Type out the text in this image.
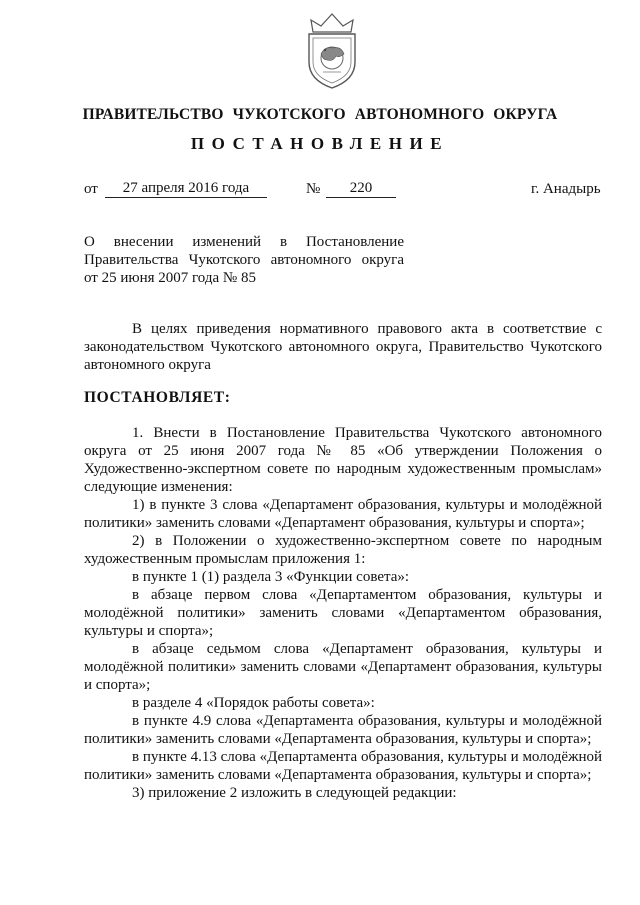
ПРАВИТЕЛЬСТВО ЧУКОТСКОГО АВТОНОМНОГО ОКРУГА
ПОСТАНОВЛЕНИЕ
от	27 апреля 2016 года	№	220	г. Анадырь
О внесении изменений в Постановление
Правительства Чукотского автономного округа
от 25 июня 2007 года № 85
В целях приведения нормативного правового акта в соответствие с законодательством Чукотского автономного округа, Правительство Чукотского автономного округа
ПОСТАНОВЛЯЕТ:

1. Внести в Постановление Правительства Чукотского автономного округа от 25 июня 2007 года № 85 «Об утверждении Положения о Художественно-экспертном совете по народным художественным промыслам» следующие изменения:

1) в пункте 3 слова «Департамент образования, культуры и молодёжной политики» заменить словами «Департамент образования, культуры и спорта»;

2) в Положении о художественно-экспертном совете по народным художественным промыслам приложения 1:

в пункте 1 (1) раздела 3 «Функции совета»:

в абзаце первом слова «Департаментом образования, культуры и молодёжной политики» заменить словами «Департаментом образования, культуры и спорта»;

в абзаце седьмом слова «Департамент образования, культуры и молодёжной политики» заменить словами «Департамент образования, культуры и спорта»;

в разделе 4 «Порядок работы совета»:

в пункте 4.9 слова «Департамента образования, культуры и молодёжной политики» заменить словами «Департамента образования, культуры и спорта»;

в пункте 4.13 слова «Департамента образования, культуры и молодёжной политики» заменить словами «Департамента образования, культуры и спорта»;

3) приложение 2 изложить в следующей редакции:
